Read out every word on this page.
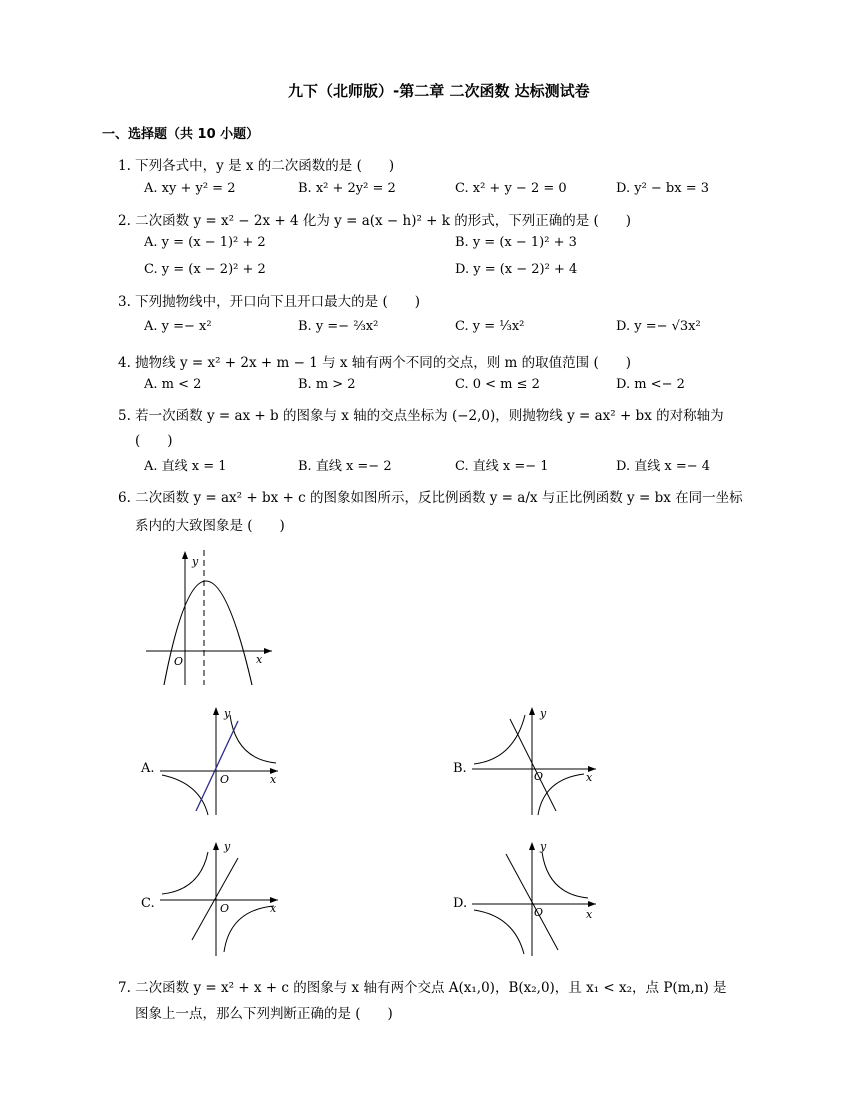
九下（北师版）-第二章 二次函数 达标测试卷
一、选择题（共 10 小题）
1. 下列各式中，y 是 x 的二次函数的是 (　　)
A. xy + y² = 2	B. x² + 2y² = 2	C. x² + y − 2 = 0	D. y² − bx = 3
2. 二次函数 y = x² − 2x + 4 化为 y = a(x − h)² + k 的形式，下列正确的是 (　　)
A. y = (x − 1)² + 2	B. y = (x − 1)² + 3
C. y = (x − 2)² + 2	D. y = (x − 2)² + 4
3. 下列抛物线中，开口向下且开口最大的是 (　　)
A. y =− x²	B. y =− ⅔x²	C. y = ⅓x²	D. y =− √3x²
4. 抛物线 y = x² + 2x + m − 1 与 x 轴有两个不同的交点，则 m 的取值范围 (　　)
A. m < 2	B. m > 2	C. 0 < m ≤ 2	D. m <− 2
5. 若一次函数 y = ax + b 的图象与 x 轴的交点坐标为 (−2,0)，则抛物线 y = ax² + bx 的对称轴为
(　　)
A. 直线 x = 1	B. 直线 x =− 2	C. 直线 x =− 1	D. 直线 x =− 4
6. 二次函数 y = ax² + bx + c 的图象如图所示，反比例函数 y = a/x 与正比例函数 y = bx 在同一坐标
系内的大致图象是 (　　)
y
O	x
A.
y
O	x
B.
y
O	x
C.
y
O	x	D.
y
O	x
7. 二次函数 y = x² + x + c 的图象与 x 轴有两个交点 A(x₁,0)，B(x₂,0)，且 x₁ < x₂，点 P(m,n) 是
图象上一点，那么下列判断正确的是 (　　)
